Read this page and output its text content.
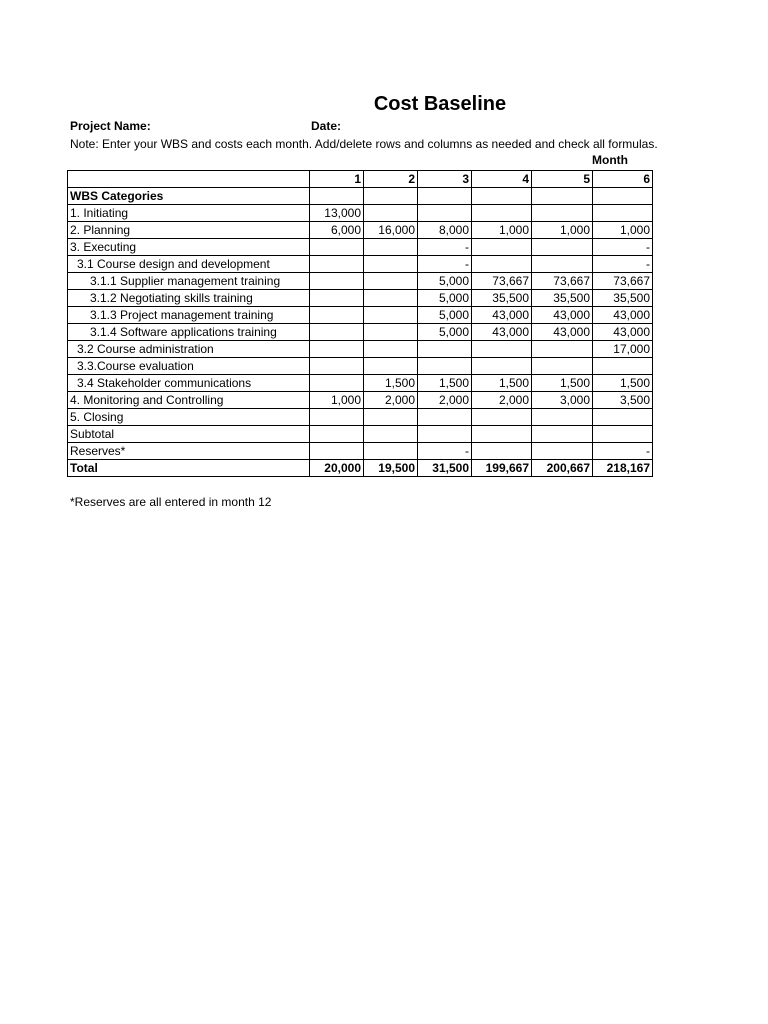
Cost Baseline
Project Name:	Date:
Note: Enter your WBS and costs each month. Add/delete rows and columns as needed and check all formulas.
Month
	1	2	3	4	5	6
WBS Categories						
1. Initiating	13,000					
2. Planning	6,000	16,000	8,000	1,000	1,000	1,000
3. Executing			-			-
3.1 Course design and development			-			-
3.1.1 Supplier management training			5,000	73,667	73,667	73,667
3.1.2 Negotiating skills training			5,000	35,500	35,500	35,500
3.1.3 Project management training			5,000	43,000	43,000	43,000
3.1.4 Software applications training			5,000	43,000	43,000	43,000
3.2 Course administration						17,000
3.3.Course evaluation						
3.4 Stakeholder communications		1,500	1,500	1,500	1,500	1,500
4. Monitoring and Controlling	1,000	2,000	2,000	2,000	3,000	3,500
5. Closing						
Subtotal						
Reserves*			-			-
Total	20,000	19,500	31,500	199,667	200,667	218,167
*Reserves are all entered in month 12
